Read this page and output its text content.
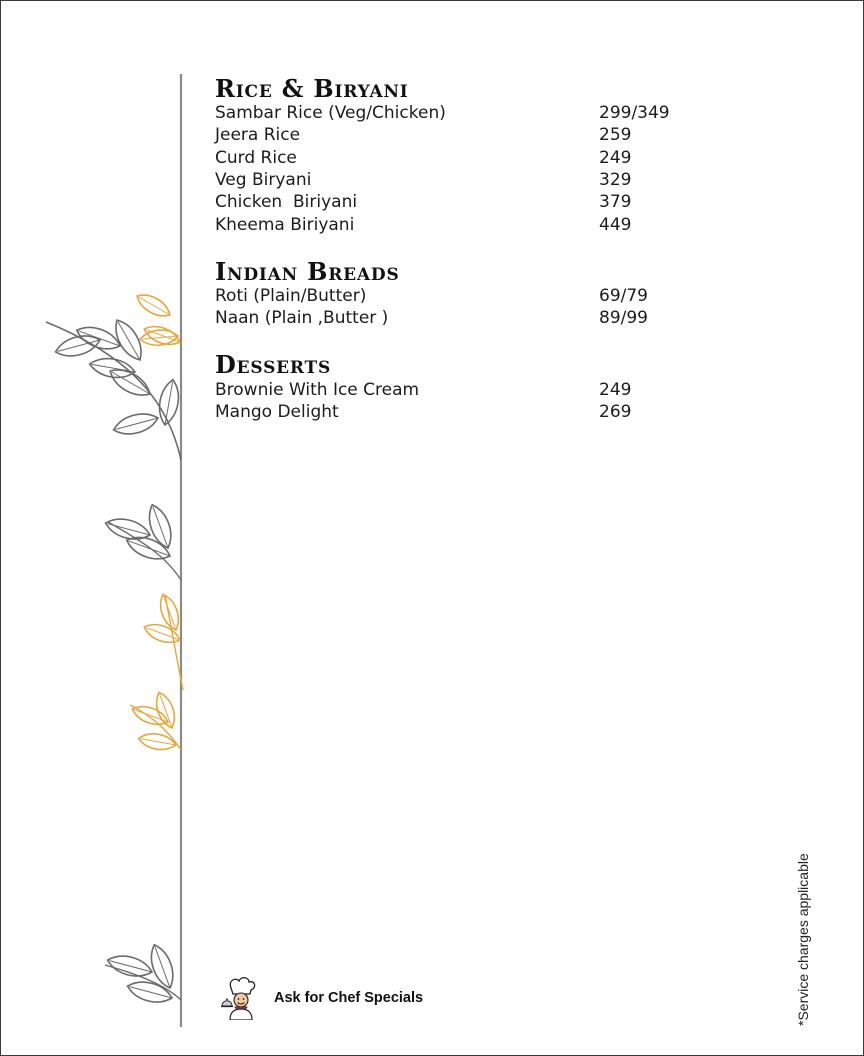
Rice & Biryani
Sambar Rice (Veg/Chicken)	299/349
Jeera Rice	259
Curd Rice	249
Veg Biryani	329
Chicken  Biriyani	379
Kheema Biriyani	449
Indian Breads
Roti (Plain/Butter)	69/79
Naan (Plain ,Butter )	89/99
Desserts
Brownie With Ice Cream	249
Mango Delight	269
Ask for Chef Specials	*Service charges applicable
